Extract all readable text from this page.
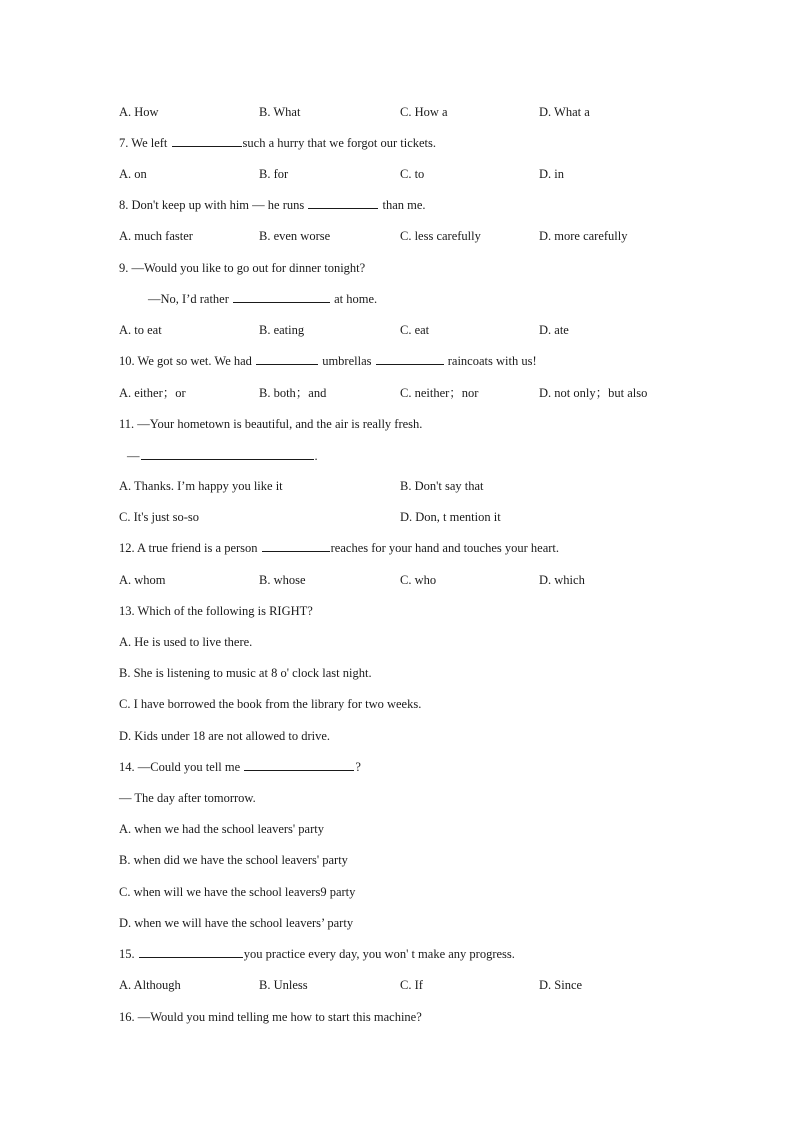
A. How	B. What	C. How a	D. What a
7. We left	such a hurry that we forgot our tickets.
A. on	B. for	C. to	D. in
8. Don't keep up with him — he runs	than me.
A. much faster	B. even worse	C. less carefully	D. more carefully
9. —Would you like to go out for dinner tonight?
—No, I’d rather	at home.
A. to eat	B. eating	C. eat	D. ate
10. We got so wet. We had	umbrellas	raincoats with us!
A. either；or	B. both；and	C. neither；nor	D. not only；but also
11. —Your hometown is beautiful, and the air is really fresh.
—	.
A. Thanks. I’m happy you like it	B. Don't say that
C. It's just so-so	D. Don, t mention it
12. A true friend is a person	reaches for your hand and touches your heart.
A. whom	B. whose	C. who	D. which
13. Which of the following is RIGHT?
A. He is used to live there.
B. She is listening to music at 8 o' clock last night.
C. I have borrowed the book from the library for two weeks.
D. Kids under 18 are not allowed to drive.
14. —Could you tell me	?
— The day after tomorrow.
A. when we had the school leavers' party
B. when did we have the school leavers' party
C. when will we have the school leavers9 party
D. when we will have the school leavers’ party
15.	you practice every day, you won' t make any progress.
A. Although	B. Unless	C. If	D. Since
16. —Would you mind telling me how to start this machine?
